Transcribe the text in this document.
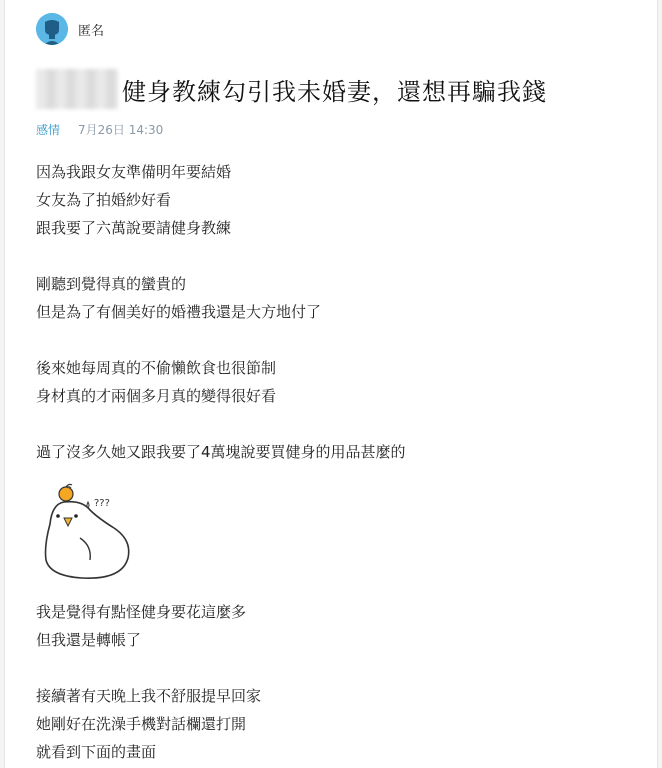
匿名
健身教練勾引我未婚妻，還想再騙我錢
感情 7月26日 14:30
因為我跟女友準備明年要結婚
女友為了拍婚紗好看
跟我要了六萬說要請健身教練
剛聽到覺得真的蠻貴的
但是為了有個美好的婚禮我還是大方地付了
後來她每周真的不偷懶飲食也很節制
身材真的才兩個多月真的變得很好看
過了沒多久她又跟我要了4萬塊說要買健身的用品甚麼的
???
我是覺得有點怪健身要花這麼多
但我還是轉帳了
接續著有天晚上我不舒服提早回家
她剛好在洗澡手機對話欄還打開
就看到下面的畫面
